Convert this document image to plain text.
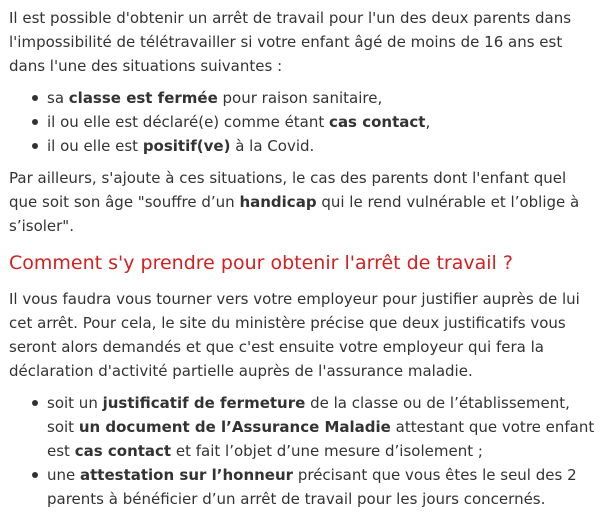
Il est possible d'obtenir un arrêt de travail pour l'un des deux parents dans l'impossibilité de télétravailler si votre enfant âgé de moins de 16 ans est dans l'une des situations suivantes :

sa classe est fermée pour raison sanitaire,
il ou elle est déclaré(e) comme étant cas contact,
il ou elle est positif(ve) à la Covid.

Par ailleurs, s'ajoute à ces situations, le cas des parents dont l'enfant quel que soit son âge "souffre d’un handicap qui le rend vulnérable et l’oblige à s’isoler".

Comment s'y prendre pour obtenir l'arrêt de travail ?

Il vous faudra vous tourner vers votre employeur pour justifier auprès de lui cet arrêt. Pour cela, le site du ministère précise que deux justificatifs vous seront alors demandés et que c'est ensuite votre employeur qui fera la déclaration d'activité partielle auprès de l'assurance maladie.

soit un justificatif de fermeture de la classe ou de l’établissement, soit un document de l’Assurance Maladie attestant que votre enfant est cas contact et fait l’objet d’une mesure d’isolement ;
une attestation sur l’honneur précisant que vous êtes le seul des 2 parents à bénéficier d’un arrêt de travail pour les jours concernés.
